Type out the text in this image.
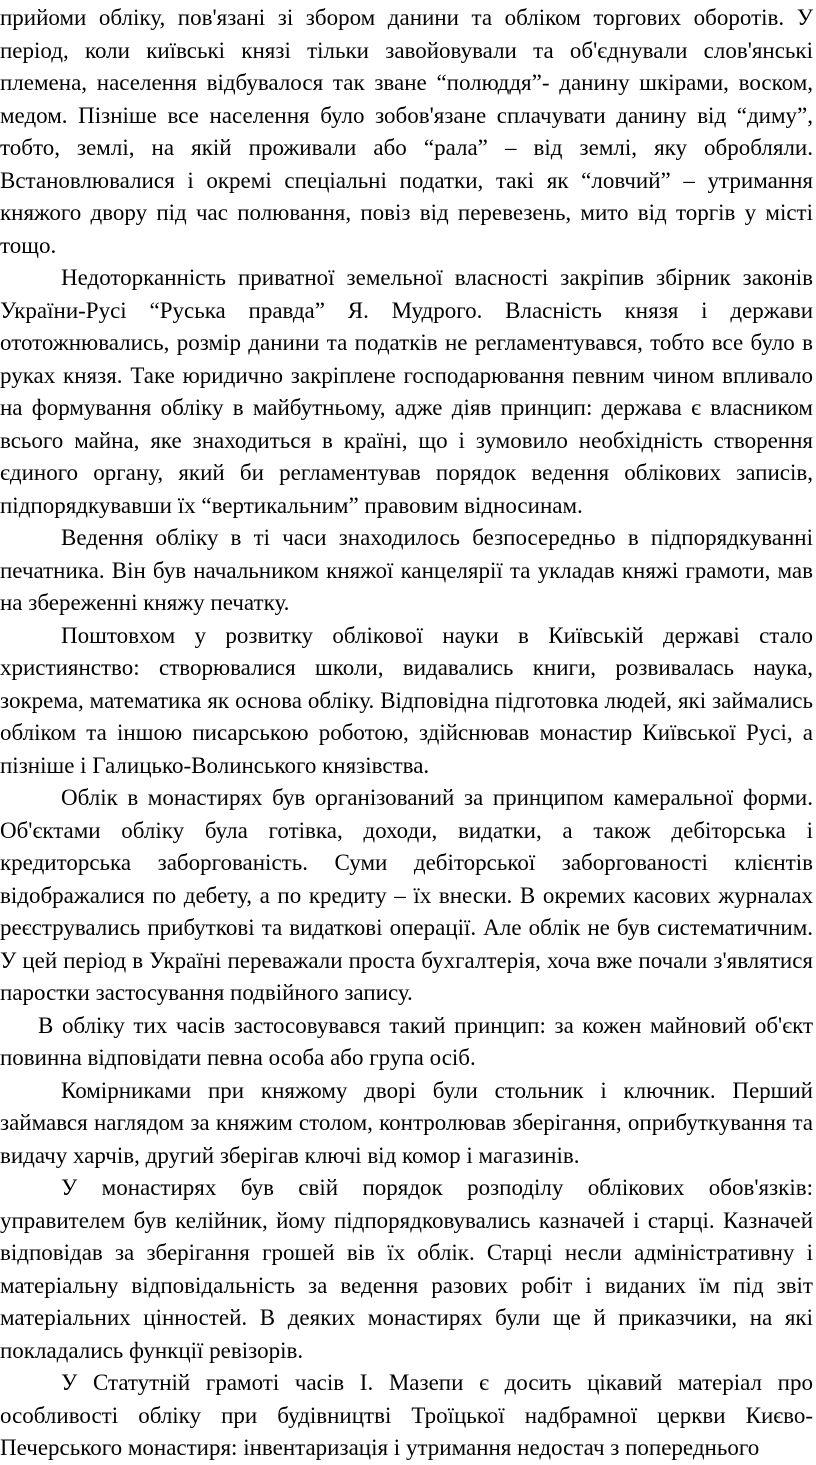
прийоми обліку, пов'язані зі збором данини та обліком торгових оборотів. У період, коли київські князі тільки завойовували та об'єднували слов'янські племена, населення відбувалося так зване “полюддя”- данину шкірами, воском, медом. Пізніше все населення було зобов'язане сплачувати данину від “диму”, тобто, землі, на якій проживали або “рала” – від землі, яку обробляли. Встановлювалися і окремі спеціальні податки, такі як “ловчий” – утримання княжого двору під час полювання, повіз від перевезень, мито від торгів у місті тощо.

Недоторканність приватної земельної власності закріпив збірник законів України-Русі “Руська правда” Я. Мудрого. Власність князя і держави ототожнювались, розмір данини та податків не регламентувався, тобто все було в руках князя. Таке юридично закріплене господарювання певним чином впливало на формування обліку в майбутньому, адже діяв принцип: держава є власником всього майна, яке знаходиться в країні, що і зумовило необхідність створення єдиного органу, який би регламентував порядок ведення облікових записів, підпорядкувавши їх “вертикальним” правовим відносинам.

Ведення обліку в ті часи знаходилось безпосередньо в підпорядкуванні печатника. Він був начальником княжої канцелярії та укладав княжі грамоти, мав на збереженні княжу печатку.

Поштовхом у розвитку облікової науки в Київській державі стало християнство: створювалися школи, видавались книги, розвивалась наука, зокрема, математика як основа обліку. Відповідна підготовка людей, які займались обліком та іншою писарською роботою, здійснював монастир Київської Русі, а пізніше і Галицько-Волинського князівства.

Облік в монастирях був організований за принципом камеральної форми. Об'єктами обліку була готівка, доходи, видатки, а також дебіторська і кредиторська заборгованість. Суми дебіторської заборгованості клієнтів відображалися по дебету, а по кредиту – їх внески. В окремих касових журналах реєструвались прибуткові та видаткові операції. Але облік не був систематичним. У цей період в Україні переважали проста бухгалтерія, хоча вже почали з'являтися паростки застосування подвійного запису.

В обліку тих часів застосовувався такий принцип: за кожен майновий об'єкт повинна відповідати певна особа або група осіб.

Комірниками при княжому дворі були стольник і ключник. Перший займався наглядом за княжим столом, контролював зберігання, оприбуткування та видачу харчів, другий зберігав ключі від комор і магазинів.

У монастирях був свій порядок розподілу облікових обов'язків: управителем був келійник, йому підпорядковувались казначей і старці. Казначей відповідав за зберігання грошей вів їх облік. Старці несли адміністративну і матеріальну відповідальність за ведення разових робіт і виданих їм під звіт матеріальних цінностей. В деяких монастирях були ще й приказчики, на які покладались функції ревізорів.

У Статутній грамоті часів І. Мазепи є досить цікавий матеріал про особливості обліку при будівництві Троїцької надбрамної церкви Києво-Печерського монастиря: інвентаризація і утримання недостач з попереднього
